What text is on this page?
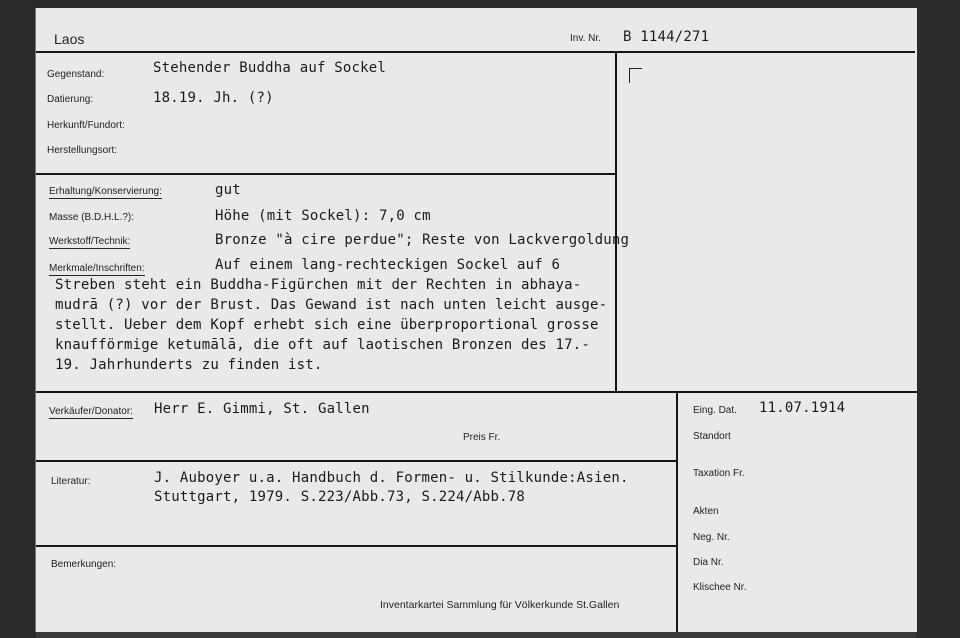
Laos	Inv. Nr. B 1144/271
Gegenstand:	Stehender Buddha auf Sockel
Datierung:	18.19. Jh. (?)
Herkunft/Fundort:
Herstellungsort:
Erhaltung/Konservierung:	gut
Masse (B.D.H.L.?):	Höhe (mit Sockel): 7,0 cm
Werkstoff/Technik:	Bronze "à cire perdue"; Reste von Lackvergoldung
Merkmale/Inschriften:	Auf einem lang-rechteckigen Sockel auf 6
Streben steht ein Buddha-Figürchen mit der Rechten in abhaya-
mudrā (?) vor der Brust. Das Gewand ist nach unten leicht ausge-
stellt. Ueber dem Kopf erhebt sich eine überproportional grosse
knaufförmige ketumālā, die oft auf laotischen Bronzen des 17.-
19. Jahrhunderts zu finden ist.
Verkäufer/Donator: Herr E. Gimmi, St. Gallen
Preis Fr.
Eing. Dat. 11.07.1914
Standort
Taxation Fr.
Akten
Neg. Nr.
Dia Nr.
Klischee Nr.
Literatur:	J. Auboyer u.a. Handbuch d. Formen- u. Stilkunde:Asien.
Stuttgart, 1979. S.223/Abb.73, S.224/Abb.78
Bemerkungen:
Inventarkartei Sammlung für Völkerkunde St.Gallen
